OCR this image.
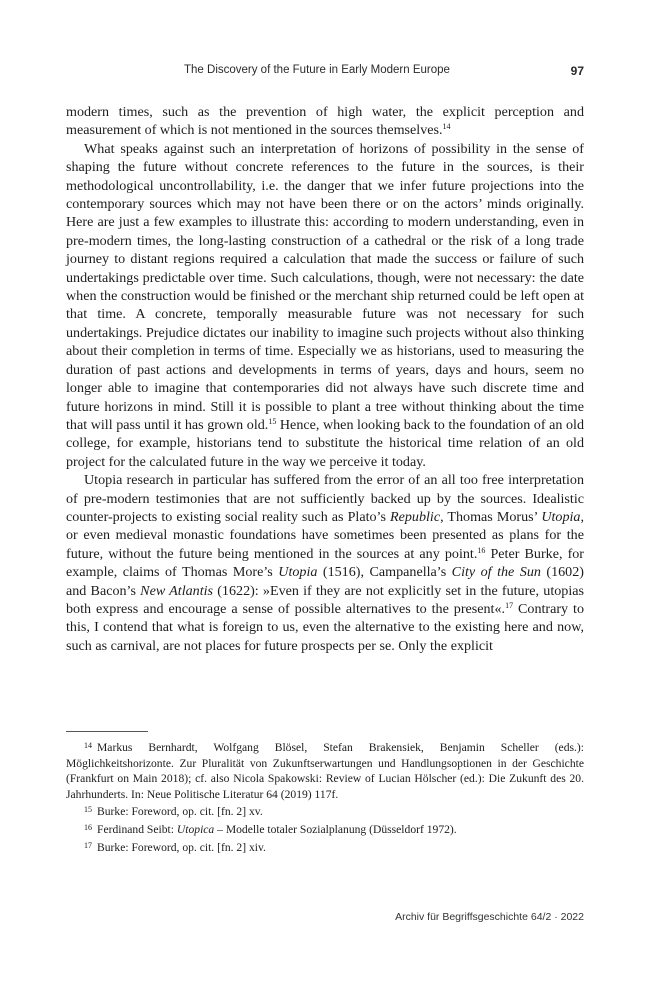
The Discovery of the Future in Early Modern Europe	97

modern times, such as the prevention of high water, the explicit perception and measurement of which is not mentioned in the sources themselves.$^{14}$

What speaks against such an interpretation of horizons of possibility in the sense of shaping the future without concrete references to the future in the sources, is their methodological uncontrollability, i.e. the danger that we infer future projections into the contemporary sources which may not have been there or on the actors’ minds originally. Here are just a few examples to illustrate this: according to modern understanding, even in pre-modern times, the long-lasting construction of a cathedral or the risk of a long trade journey to distant regions required a calculation that made the success or failure of such undertakings predictable over time. Such calculations, though, were not necessary: the date when the construction would be finished or the merchant ship returned could be left open at that time. A concrete, temporally measurable future was not necessary for such undertakings. Prejudice dictates our inability to imagine such projects without also thinking about their completion in terms of time. Especially we as historians, used to measuring the duration of past actions and developments in terms of years, days and hours, seem no longer able to imagine that contemporaries did not always have such discrete time and future horizons in mind. Still it is possible to plant a tree without thinking about the time that will pass until it has grown old.$^{15}$ Hence, when looking back to the foundation of an old college, for example, historians tend to substitute the historical time relation of an old project for the calculated future in the way we perceive it today.

Utopia research in particular has suffered from the error of an all too free interpretation of pre-modern testimonies that are not sufficiently backed up by the sources. Idealistic counter-projects to existing social reality such as Plato’s Republic, Thomas Morus’ Utopia, or even medieval monastic foundations have sometimes been presented as plans for the future, without the future being mentioned in the sources at any point.$^{16}$ Peter Burke, for example, claims of Thomas More’s Utopia (1516), Campanella’s City of the Sun (1602) and Bacon’s New Atlantis (1622): »Even if they are not explicitly set in the future, utopias both express and encourage a sense of possible alternatives to the present«.$^{17}$ Contrary to this, I contend that what is foreign to us, even the alternative to the existing here and now, such as carnival, are not places for future prospects per se. Only the explicit

$^{14}$ Markus Bernhardt, Wolfgang Blösel, Stefan Brakensiek, Benjamin Scheller (eds.): Möglichkeitshorizonte. Zur Pluralität von Zukunftserwartungen und Handlungsoptionen in der Geschichte (Frankfurt on Main 2018); cf. also Nicola Spakowski: Review of Lucian Hölscher (ed.): Die Zukunft des 20. Jahrhunderts. In: Neue Politische Literatur 64 (2019) 117f.

$^{15}$ Burke: Foreword, op. cit. [fn. 2] xv.

$^{16}$ Ferdinand Seibt: Utopica – Modelle totaler Sozialplanung (Düsseldorf 1972).

$^{17}$ Burke: Foreword, op. cit. [fn. 2] xiv.

Archiv für Begriffsgeschichte 64/2 · 2022
